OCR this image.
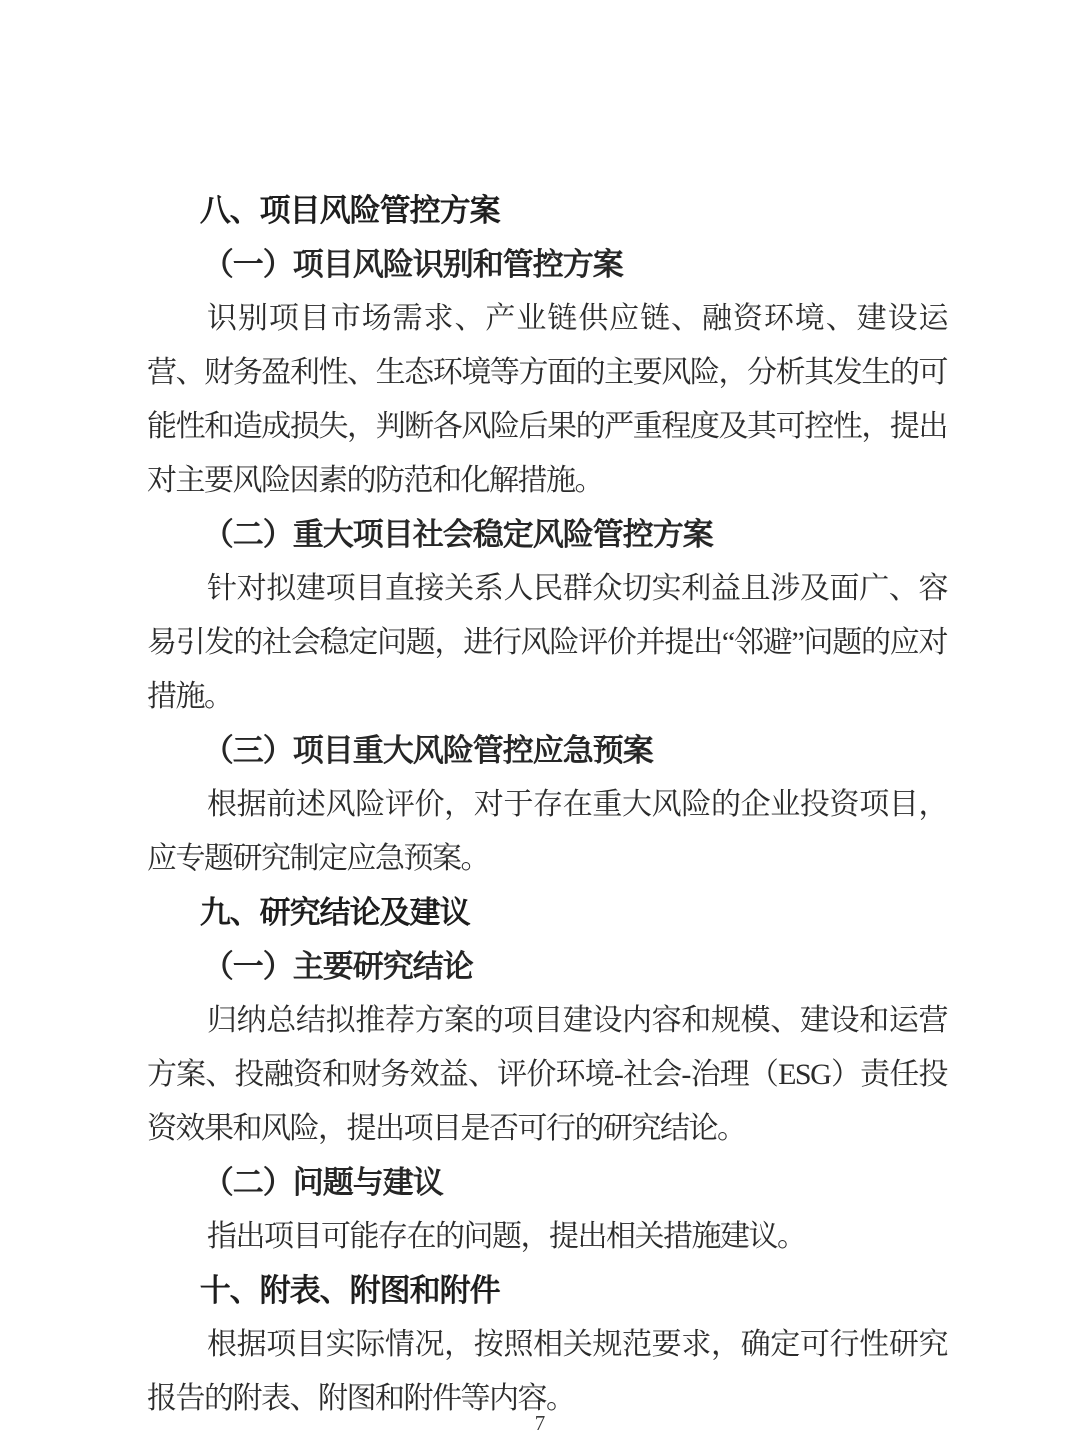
八、项目风险管控方案
（一）项目风险识别和管控方案

识别项目市场需求、产业链供应链、融资环境、建设运营、财务盈利性、生态环境等方面的主要风险，分析其发生的可能性和造成损失，判断各风险后果的严重程度及其可控性，提出对主要风险因素的防范和化解措施。

（二）重大项目社会稳定风险管控方案

针对拟建项目直接关系人民群众切实利益且涉及面广、容易引发的社会稳定问题，进行风险评价并提出“邻避”问题的应对措施。

（三）项目重大风险管控应急预案

根据前述风险评价，对于存在重大风险的企业投资项目，应专题研究制定应急预案。

九、研究结论及建议
（一）主要研究结论

归纳总结拟推荐方案的项目建设内容和规模、建设和运营方案、投融资和财务效益、评价环境-社会-治理（ESG）责任投资效果和风险，提出项目是否可行的研究结论。

（二）问题与建议

指出项目可能存在的问题，提出相关措施建议。

十、附表、附图和附件

根据项目实际情况，按照相关规范要求，确定可行性研究报告的附表、附图和附件等内容。

7
